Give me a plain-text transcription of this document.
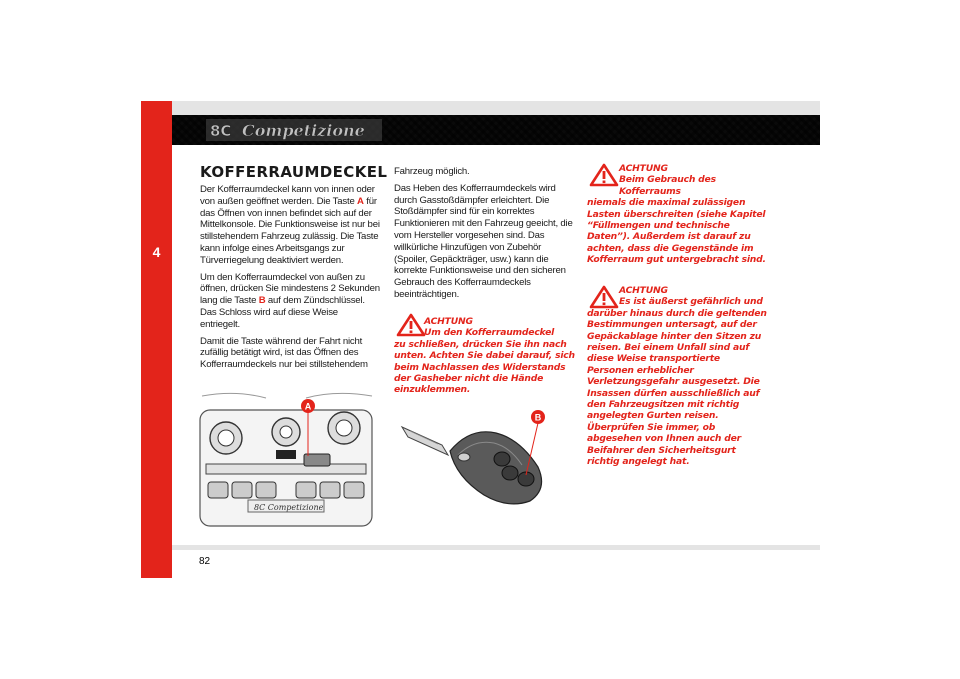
4
8C Competizione
KOFFERRAUMDECKEL

Der Kofferraumdeckel kann von innen oder von außen geöffnet werden. Die Taste A für das Öffnen von innen befindet sich auf der Mittelkonsole. Die Funktionsweise ist nur bei stillstehendem Fahrzeug zulässig. Die Taste kann infolge eines Arbeitsgangs zur Türverriegelung deaktiviert werden.

Um den Kofferraumdeckel von außen zu öffnen, drücken Sie mindestens 2 Sekunden lang die Taste B auf dem Zündschlüssel. Das Schloss wird auf diese Weise entriegelt.

Damit die Taste während der Fahrt nicht zufällig betätigt wird, ist das Öffnen des Kofferraumdeckels nur bei stillstehendem

Fahrzeug möglich.

Das Heben des Kofferraumdeckels wird durch Gasstoßdämpfer erleichtert. Die Stoßdämpfer sind für ein korrektes Funktionieren mit den Fahrzeug geeicht, die vom Hersteller vorgesehen sind. Das willkürliche Hinzufügen von Zubehör (Spoiler, Gepäckträger, usw.) kann die korrekte Funktionsweise und den sicheren Gebrauch des Kofferraumdeckels beeinträchtigen.

ACHTUNG
Um den Kofferraumdeckel
zu schließen, drücken Sie ihn nach unten. Achten Sie dabei darauf, sich beim Nachlassen des Widerstands der Gasheber nicht die Hände einzuklemmen.
ACHTUNG
Beim Gebrauch des Kofferraums
niemals die maximal zulässigen Lasten überschreiten (siehe Kapitel “Füllmengen und technische Daten”). Außerdem ist darauf zu achten, dass die Gegenstände im Kofferraum gut untergebracht sind.
ACHTUNG
Es ist äußerst gefährlich und
darüber hinaus durch die geltenden Bestimmungen untersagt, auf der Gepäckablage hinter den Sitzen zu reisen. Bei einem Unfall sind auf diese Weise transportierte Personen erheblicher Verletzungsgefahr ausgesetzt. Die Insassen dürfen ausschließlich auf den Fahrzeugsitzen mit richtig angelegten Gurten reisen. Überprüfen Sie immer, ob abgesehen von Ihnen auch der Beifahrer den Sicherheitsgurt richtig angelegt hat.
8C Competizione
A
B
82
